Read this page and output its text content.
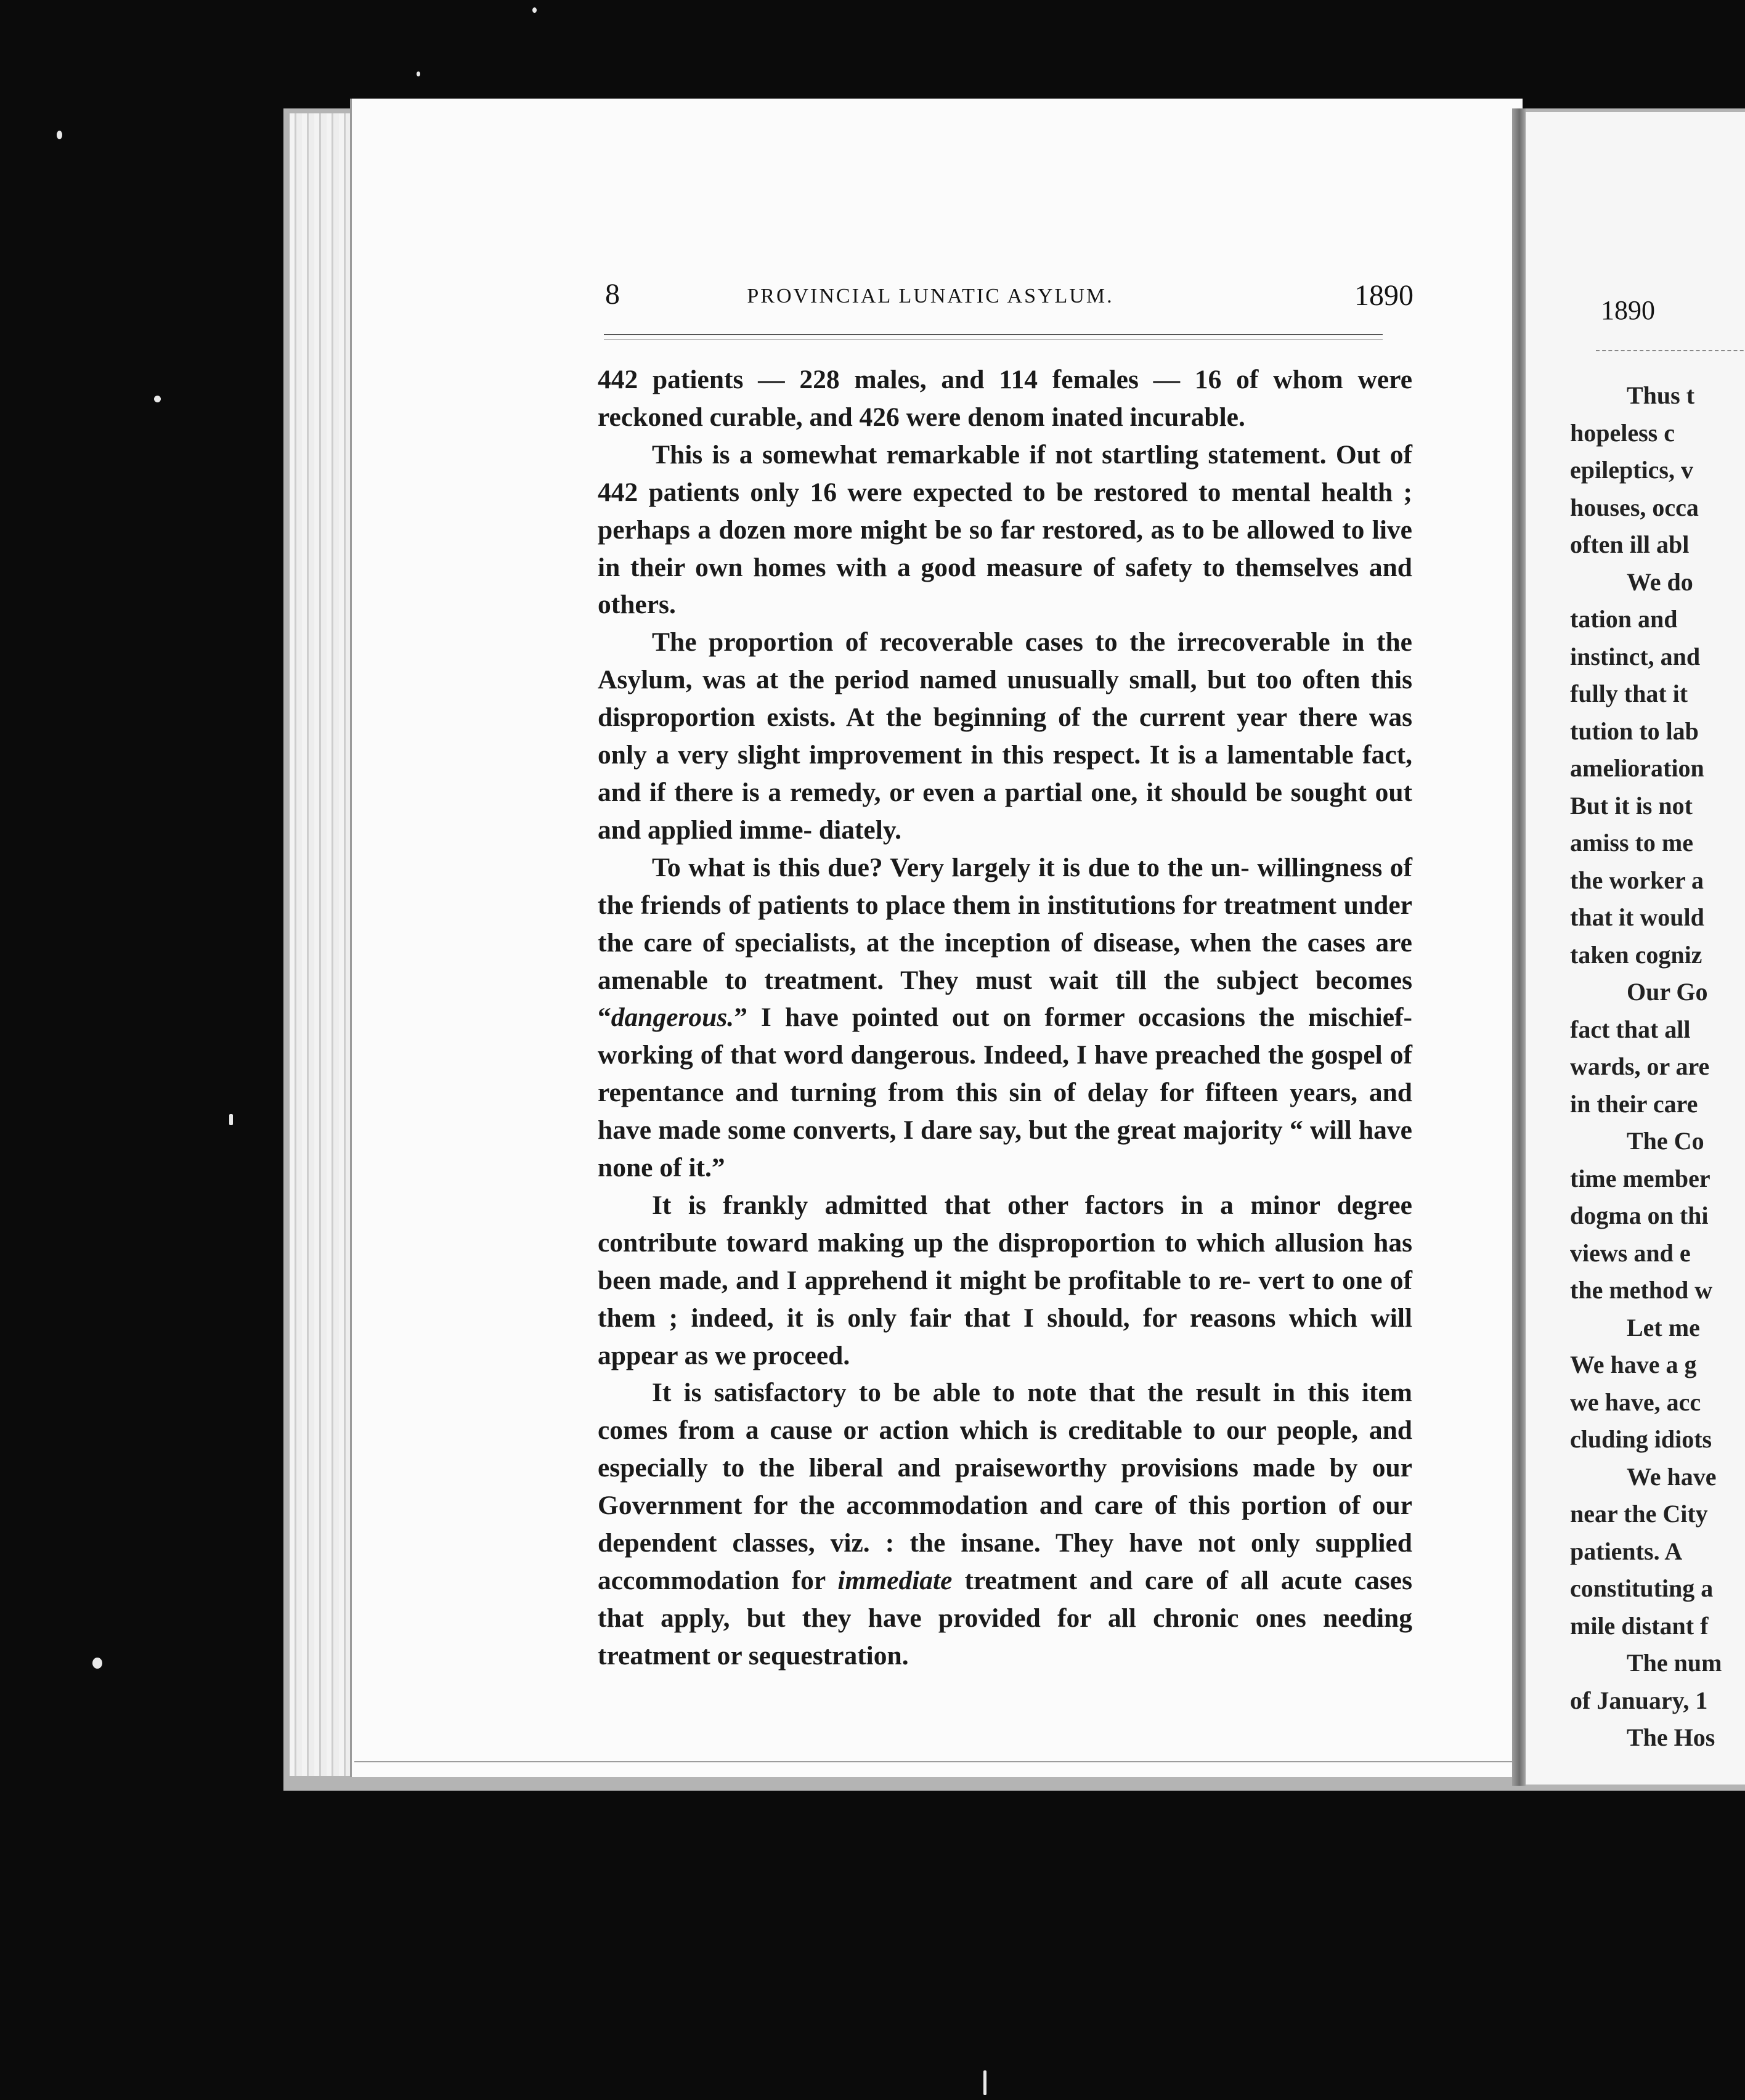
8	PROVINCIAL LUNATIC ASYLUM.	1890

442 patients — 228 males, and 114 females — 16 of whom were reckoned curable, and 426 were denom inated incurable.

This is a somewhat remarkable if not startling statement. Out of 442 patients only 16 were expected to be restored to mental health ; perhaps a dozen more might be so far restored, as to be allowed to live in their own homes with a good measure of safety to themselves and others.

The proportion of recoverable cases to the irrecoverable in the Asylum, was at the period named unusually small, but too often this disproportion exists. At the beginning of the current year there was only a very slight improvement in this respect. It is a lamentable fact, and if there is a remedy, or even a partial one, it should be sought out and applied imme- diately.

To what is this due? Very largely it is due to the un- willingness of the friends of patients to place them in institutions for treatment under the care of specialists, at the inception of disease, when the cases are amenable to treatment. They must wait till the subject becomes “dangerous.” I have pointed out on former occasions the mischief-working of that word dangerous. Indeed, I have preached the gospel of repentance and turning from this sin of delay for fifteen years, and have made some converts, I dare say, but the great majority “ will have none of it.”

It is frankly admitted that other factors in a minor degree contribute toward making up the disproportion to which allusion has been made, and I apprehend it might be profitable to re- vert to one of them ; indeed, it is only fair that I should, for reasons which will appear as we proceed.

It is satisfactory to be able to note that the result in this item comes from a cause or action which is creditable to our people, and especially to the liberal and praiseworthy provisions made by our Government for the accommodation and care of this portion of our dependent classes, viz. : the insane. They have not only supplied accommodation for immediate treatment and care of all acute cases that apply, but they have provided for all chronic ones needing treatment or sequestration.

1890
Thus t
hopeless c
epileptics, v
houses, occa
often ill abl
We do
tation and
instinct, and
fully that it
tution to lab
amelioration
But it is not
amiss to me
the worker a
that it would
taken cogniz
Our Go
fact that all
wards, or are
in their care
The Co
time member
dogma on thi
views and e
the method w
Let me
We have a g
we have, acc
cluding idiots
We have
near the City
patients. A
constituting a
mile distant f
The num
of January, 1
The Hos
